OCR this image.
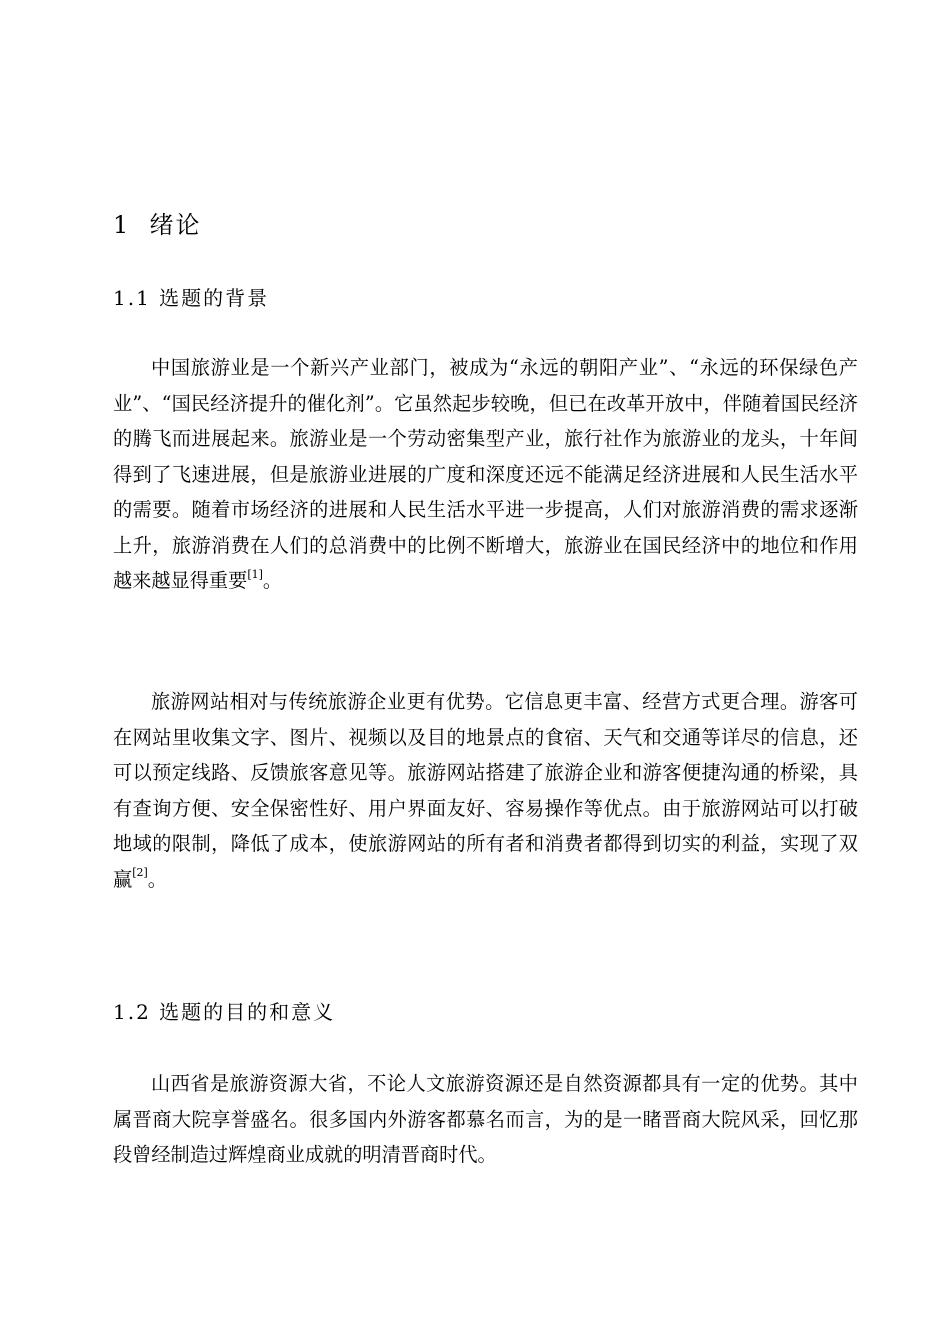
1 绪论
1.1 选题的背景

中国旅游业是一个新兴产业部门，被成为“永远的朝阳产业”、“永远的环保绿色产业”、“国民经济提升的催化剂”。它虽然起步较晚，但已在改革开放中，伴随着国民经济的腾飞而进展起来。旅游业是一个劳动密集型产业，旅行社作为旅游业的龙头，十年间得到了飞速进展，但是旅游业进展的广度和深度还远不能满足经济进展和人民生活水平的需要。随着市场经济的进展和人民生活水平进一步提高，人们对旅游消费的需求逐渐上升，旅游消费在人们的总消费中的比例不断增大，旅游业在国民经济中的地位和作用越来越显得重要[1]。

旅游网站相对与传统旅游企业更有优势。它信息更丰富、经营方式更合理。游客可在网站里收集文字、图片、视频以及目的地景点的食宿、天气和交通等详尽的信息，还可以预定线路、反馈旅客意见等。旅游网站搭建了旅游企业和游客便捷沟通的桥梁，具有查询方便、安全保密性好、用户界面友好、容易操作等优点。由于旅游网站可以打破地域的限制，降低了成本，使旅游网站的所有者和消费者都得到切实的利益，实现了双赢[2]。

1.2 选题的目的和意义

山西省是旅游资源大省，不论人文旅游资源还是自然资源都具有一定的优势。其中属晋商大院享誉盛名。很多国内外游客都慕名而言，为的是一睹晋商大院风采，回忆那段曾经制造过辉煌商业成就的明清晋商时代。
